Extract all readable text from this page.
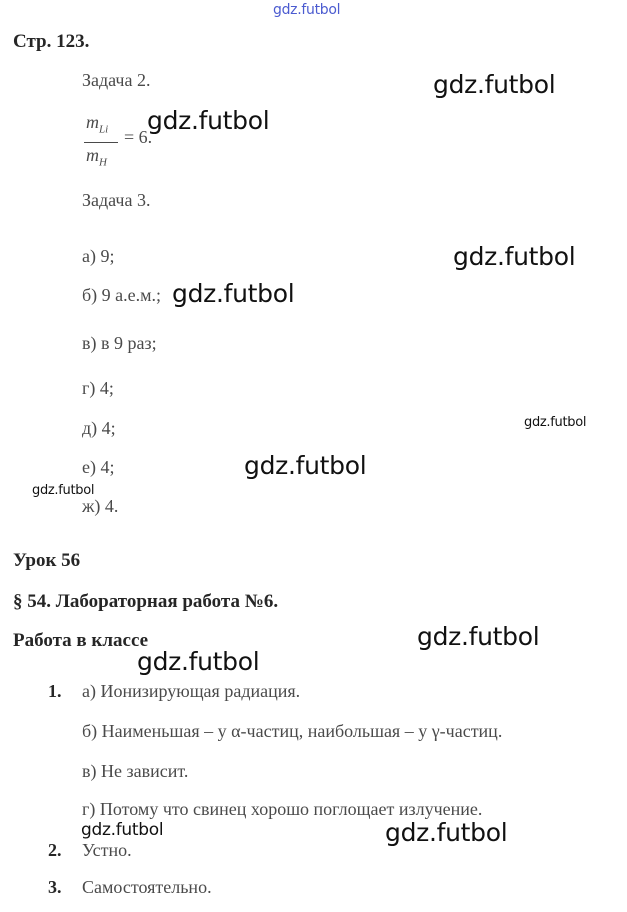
gdz.futbol
Стр. 123.
Задача 2.
$m_{Li}$
$m_H$
= 6.
Задача 3.
а) 9;
б) 9 а.е.м.;
в) в 9 раз;
г) 4;
д) 4;
е) 4;
ж) 4.
Урок 56
§ 54. Лабораторная работа №6.
Работа в классе
1. а) Ионизирующая радиация.
б) Наименьшая – у α-частиц, наибольшая – у γ-частиц.
в) Не зависит.
г) Потому что свинец хорошо поглощает излучение.
2. Устно.
3. Самостоятельно.
gdz.futbol
gdz.futbol
gdz.futbol
gdz.futbol
gdz.futbol
gdz.futbol
gdz.futbol
gdz.futbol
gdz.futbol
gdz.futbol	gdz.futbol
